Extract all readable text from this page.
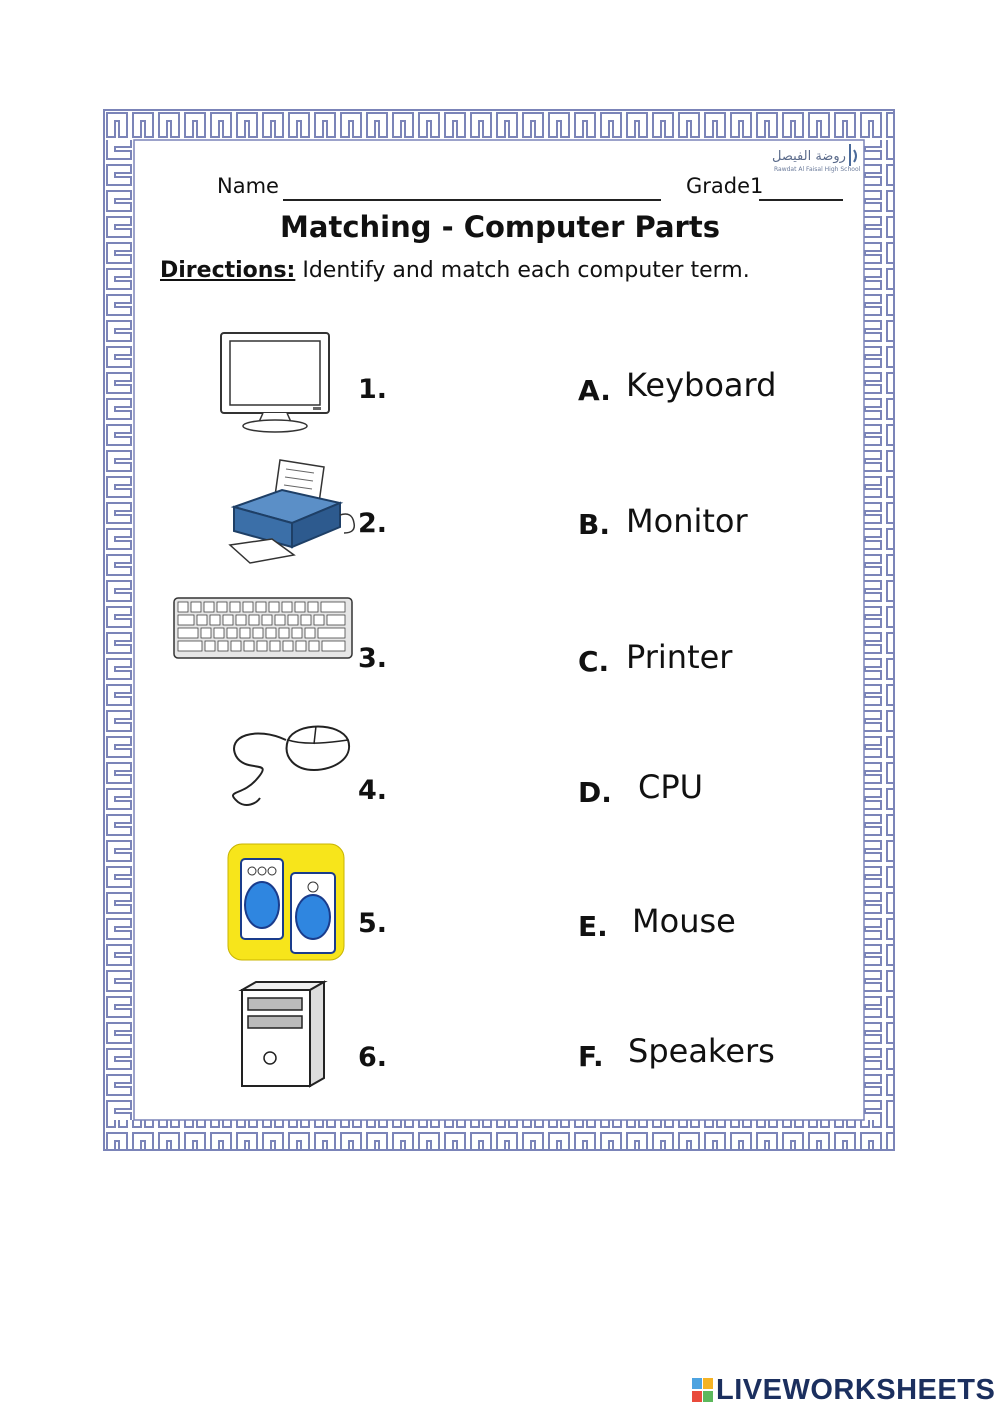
روضة الفيصل
Rawdat Al Faisal High School
Name	Grade1
Matching - Computer Parts
Directions: Identify and match each computer term.
1.
2.
3.
4.
5.
6.
A. Keyboard
B. Monitor
C. Printer
D. CPU
E. Mouse
F. Speakers
LIVEWORKSHEETS
